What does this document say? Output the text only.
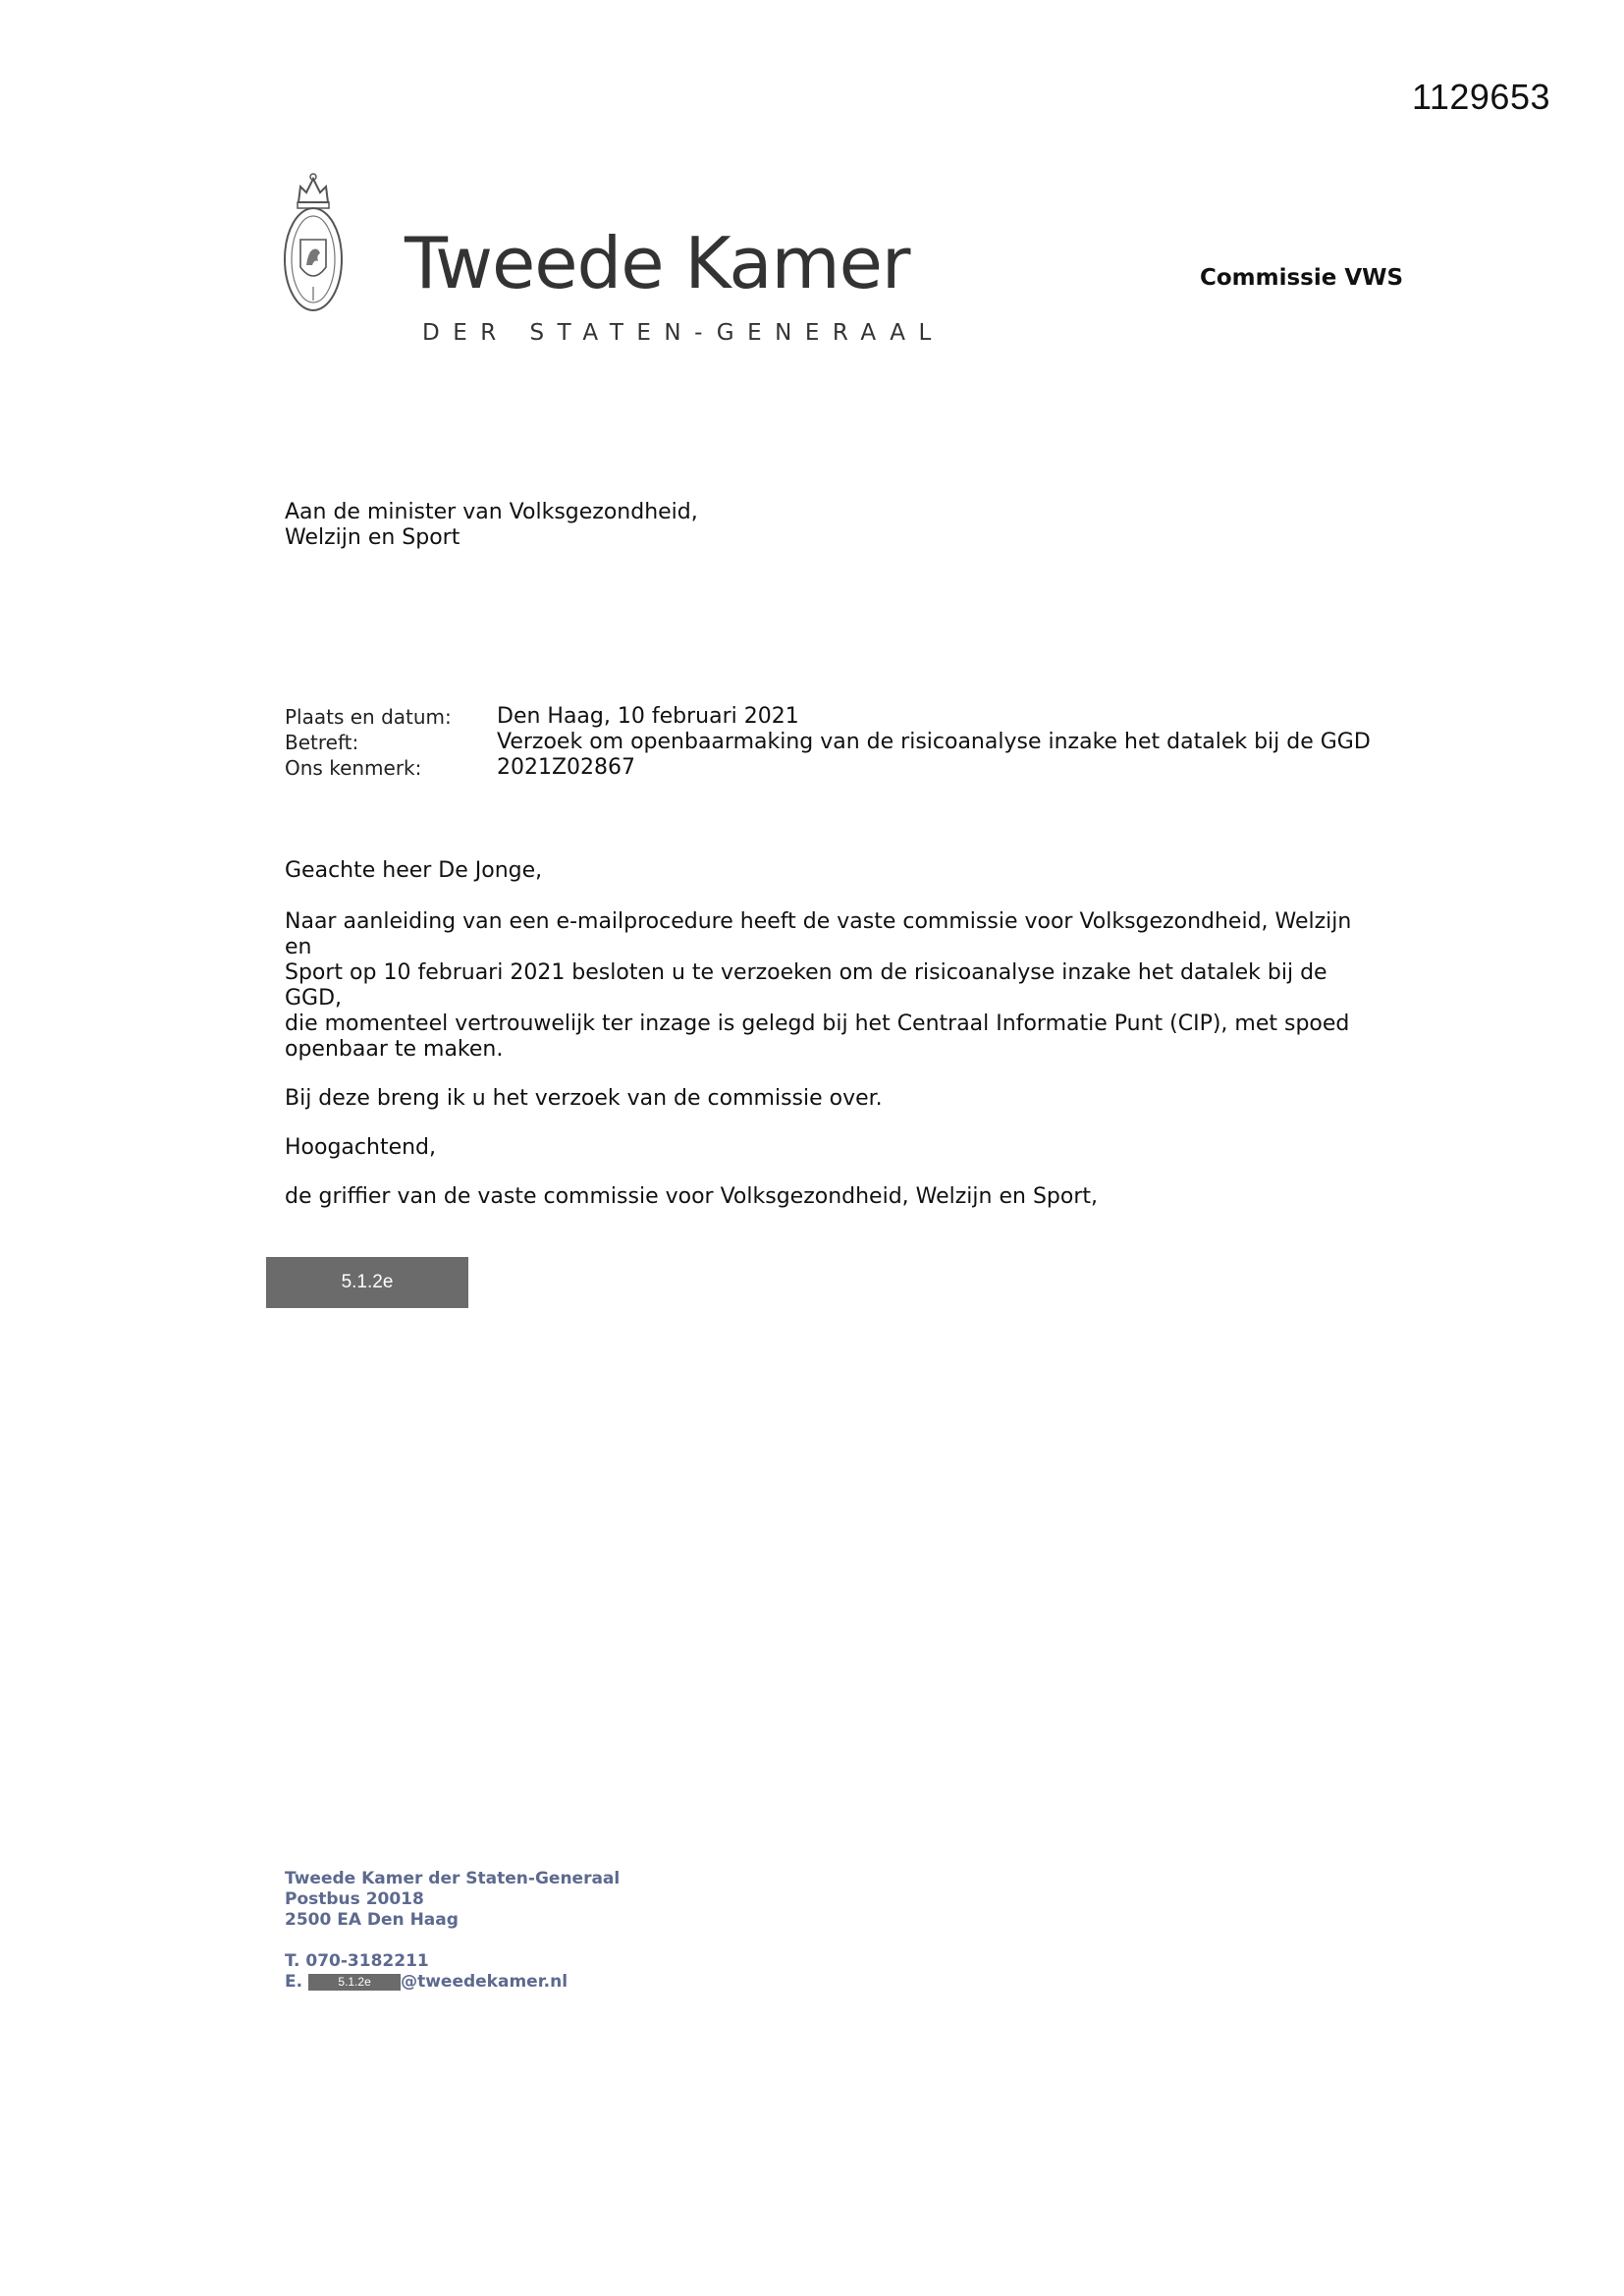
1129653
Tweede Kamer
DER STATEN-GENERAAL
Commissie VWS
Aan de minister van Volksgezondheid,
Welzijn en Sport
Plaats en datum:	Den Haag, 10 februari 2021
Betreft:	Verzoek om openbaarmaking van de risicoanalyse inzake het datalek bij de GGD
Ons kenmerk:	2021Z02867

Geachte heer De Jonge,

Naar aanleiding van een e-mailprocedure heeft de vaste commissie voor Volksgezondheid, Welzijn en
Sport op 10 februari 2021 besloten u te verzoeken om de risicoanalyse inzake het datalek bij de GGD,
die momenteel vertrouwelijk ter inzage is gelegd bij het Centraal Informatie Punt (CIP), met spoed
openbaar te maken.

Bij deze breng ik u het verzoek van de commissie over.

Hoogachtend,

de griffier van de vaste commissie voor Volksgezondheid, Welzijn en Sport,

5.1.2e
Tweede Kamer der Staten-Generaal
Postbus 20018
2500 EA Den Haag
T. 070-3182211
E.	5.1.2e	@tweedekamer.nl
